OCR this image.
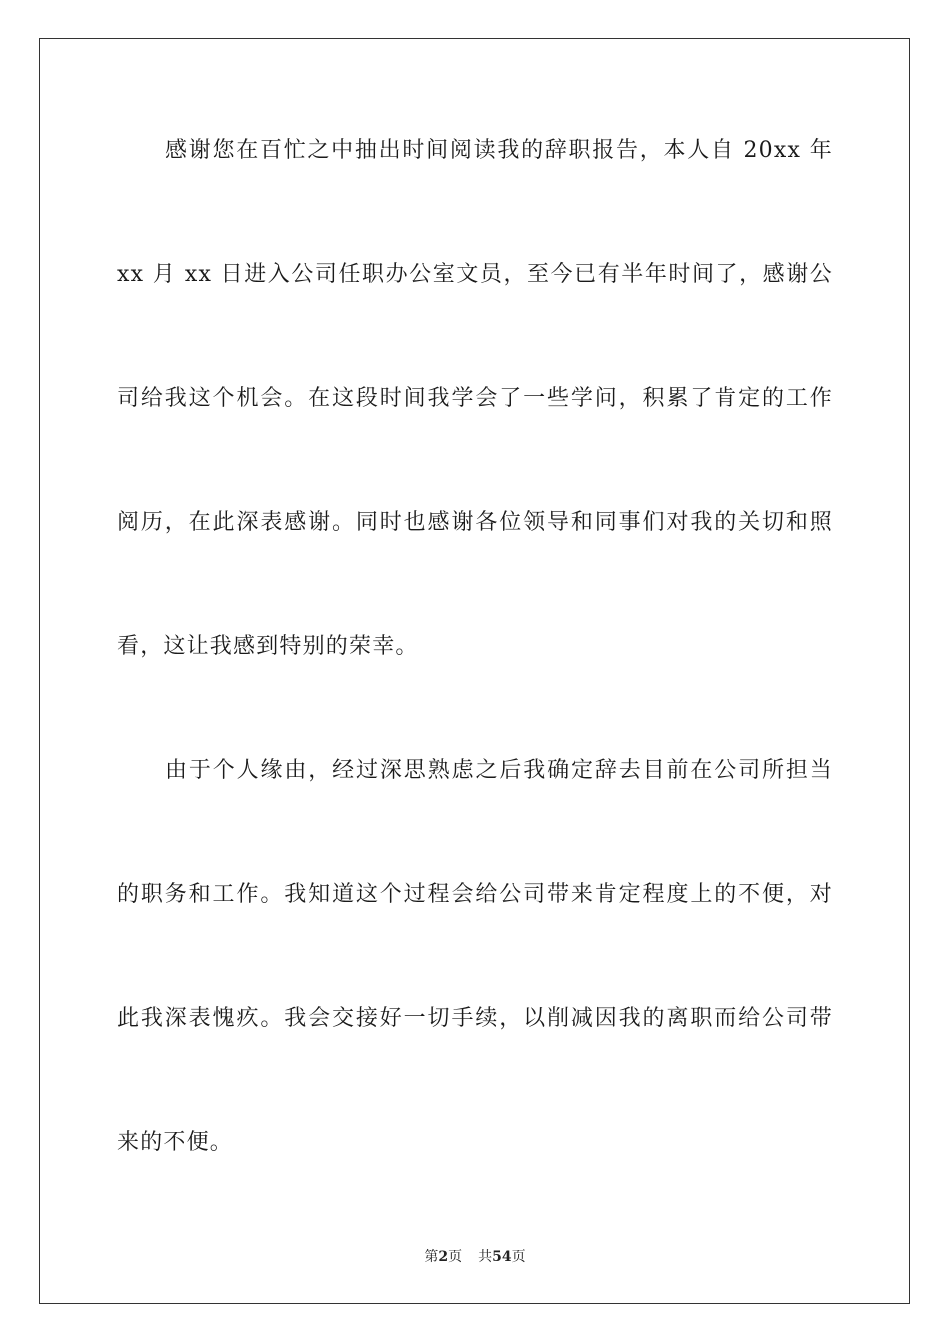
感谢您在百忙之中抽出时间阅读我的辞职报告，本人自 20xx 年
xx 月 xx 日进入公司任职办公室文员，至今已有半年时间了，感谢公
司给我这个机会。在这段时间我学会了一些学问，积累了肯定的工作
阅历，在此深表感谢。同时也感谢各位领导和同事们对我的关切和照
看，这让我感到特别的荣幸。
由于个人缘由，经过深思熟虑之后我确定辞去目前在公司所担当
的职务和工作。我知道这个过程会给公司带来肯定程度上的不便，对
此我深表愧疚。我会交接好一切手续，以削减因我的离职而给公司带
来的不便。
第2页 共54页
